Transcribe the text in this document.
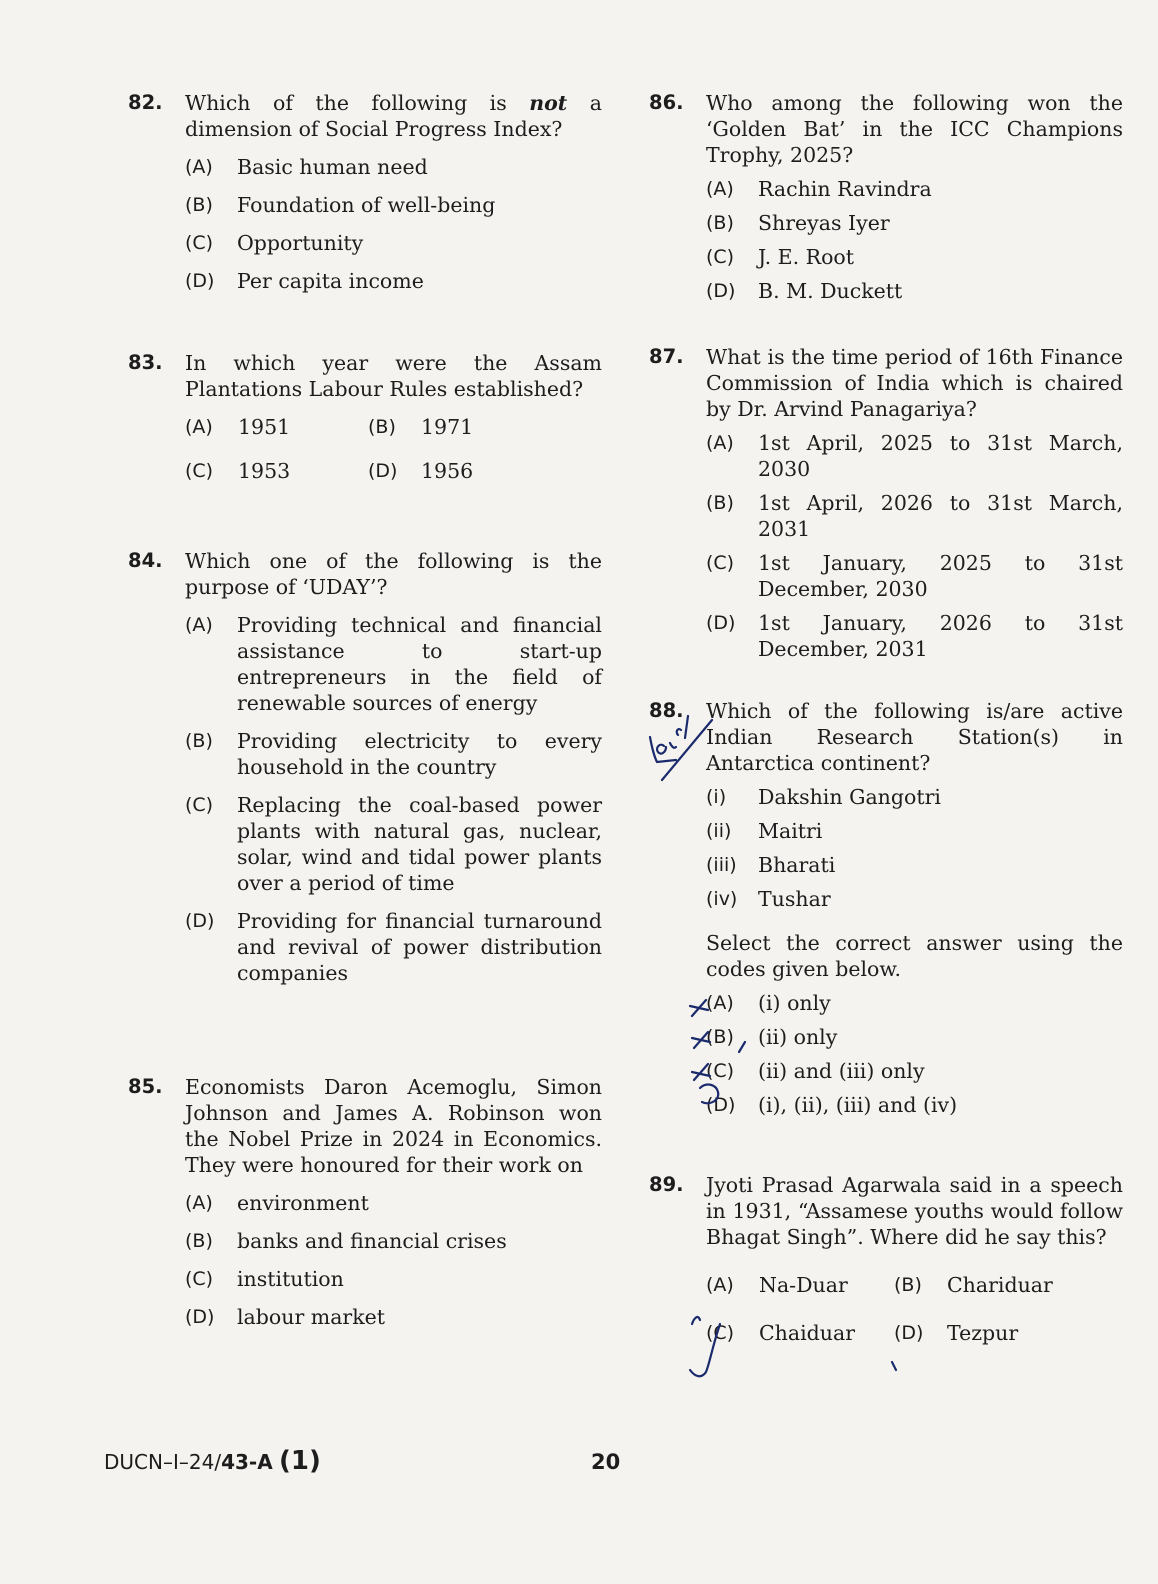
82.	Which of the following is not a dimension of Social Progress Index?
(A)	Basic human need
(B)	Foundation of well-being
(C)	Opportunity
(D)	Per capita income
83.	In which year were the Assam Plantations Labour Rules established?
(A)	1951	(B)	1971
(C)	1953	(D)	1956
84.	Which one of the following is the purpose of ‘UDAY’?
(A)	Providing technical and financial assistance to start-up entrepreneurs in the field of renewable sources of energy
(B)	Providing electricity to every household in the country
(C)	Replacing the coal-based power plants with natural gas, nuclear, solar, wind and tidal power plants over a period of time
(D)	Providing for financial turnaround and revival of power distribution companies
85.	Economists Daron Acemoglu, Simon Johnson and James A. Robinson won the Nobel Prize in 2024 in Economics. They were honoured for their work on
(A)	environment
(B)	banks and financial crises
(C)	institution
(D)	labour market
86.	Who among the following won the ‘Golden Bat’ in the ICC Champions Trophy, 2025?
(A)	Rachin Ravindra
(B)	Shreyas Iyer
(C)	J. E. Root
(D)	B. M. Duckett
87.	What is the time period of 16th Finance Commission of India which is chaired by Dr. Arvind Panagariya?
(A)	1st April, 2025 to 31st March, 2030
(B)	1st April, 2026 to 31st March, 2031
(C)	1st January, 2025 to 31st December, 2030
(D)	1st January, 2026 to 31st December, 2031
88.	Which of the following is/are active Indian Research Station(s) in Antarctica continent?
(i)	Dakshin Gangotri
(ii)	Maitri
(iii)	Bharati
(iv)	Tushar
Select the correct answer using the codes given below.
(A)	(i) only
(B)	(ii) only
(C)	(ii) and (iii) only
(D)	(i), (ii), (iii) and (iv)
89.	Jyoti Prasad Agarwala said in a speech in 1931, “Assamese youths would follow Bhagat Singh”. Where did he say this?
(A)	Na-Duar	(B)	Chariduar
(C)	Chaiduar	(D)	Tezpur
DUCN–I–24/43-A (1)	20
